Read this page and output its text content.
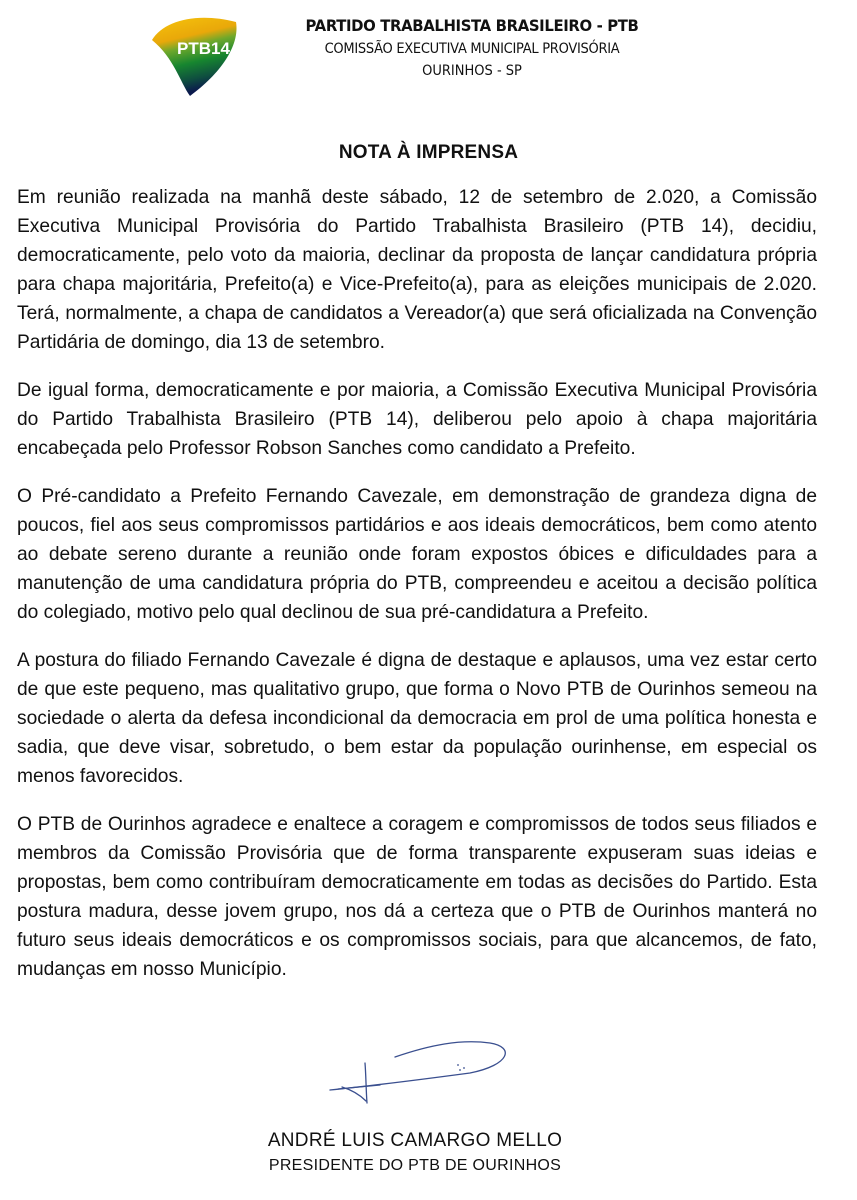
PTB14
PARTIDO TRABALHISTA BRASILEIRO - PTB
COMISSÃO EXECUTIVA MUNICIPAL PROVISÓRIA
OURINHOS - SP
NOTA À IMPRENSA

Em reunião realizada na manhã deste sábado, 12 de setembro de 2.020, a Comissão Executiva Municipal Provisória do Partido Trabalhista Brasileiro (PTB 14), decidiu, democraticamente, pelo voto da maioria, declinar da proposta de lançar candidatura própria para chapa majoritária, Prefeito(a) e Vice-Prefeito(a), para as eleições municipais de 2.020. Terá, normalmente, a chapa de candidatos a Vereador(a) que será oficializada na Convenção Partidária de domingo, dia 13 de setembro.

De igual forma, democraticamente e por maioria, a Comissão Executiva Municipal Provisória do Partido Trabalhista Brasileiro (PTB 14), deliberou pelo apoio à chapa majoritária encabeçada pelo Professor Robson Sanches como candidato a Prefeito.

O Pré-candidato a Prefeito Fernando Cavezale, em demonstração de grandeza digna de poucos, fiel aos seus compromissos partidários e aos ideais democráticos, bem como atento ao debate sereno durante a reunião onde foram expostos óbices e dificuldades para a manutenção de uma candidatura própria do PTB, compreendeu e aceitou a decisão política do colegiado, motivo pelo qual declinou de sua pré-candidatura a Prefeito.

A postura do filiado Fernando Cavezale é digna de destaque e aplausos, uma vez estar certo de que este pequeno, mas qualitativo grupo, que forma o Novo PTB de Ourinhos semeou na sociedade o alerta da defesa incondicional da democracia em prol de uma política honesta e sadia, que deve visar, sobretudo, o bem estar da população ourinhense, em especial os menos favorecidos.

O PTB de Ourinhos agradece e enaltece a coragem e compromissos de todos seus filiados e membros da Comissão Provisória que de forma transparente expuseram suas ideias e propostas, bem como contribuíram democraticamente em todas as decisões do Partido. Esta postura madura, desse jovem grupo, nos dá a certeza que o PTB de Ourinhos manterá no futuro seus ideais democráticos e os compromissos sociais, para que alcancemos, de fato, mudanças em nosso Município.

ANDRÉ LUIS CAMARGO MELLO
PRESIDENTE DO PTB DE OURINHOS
